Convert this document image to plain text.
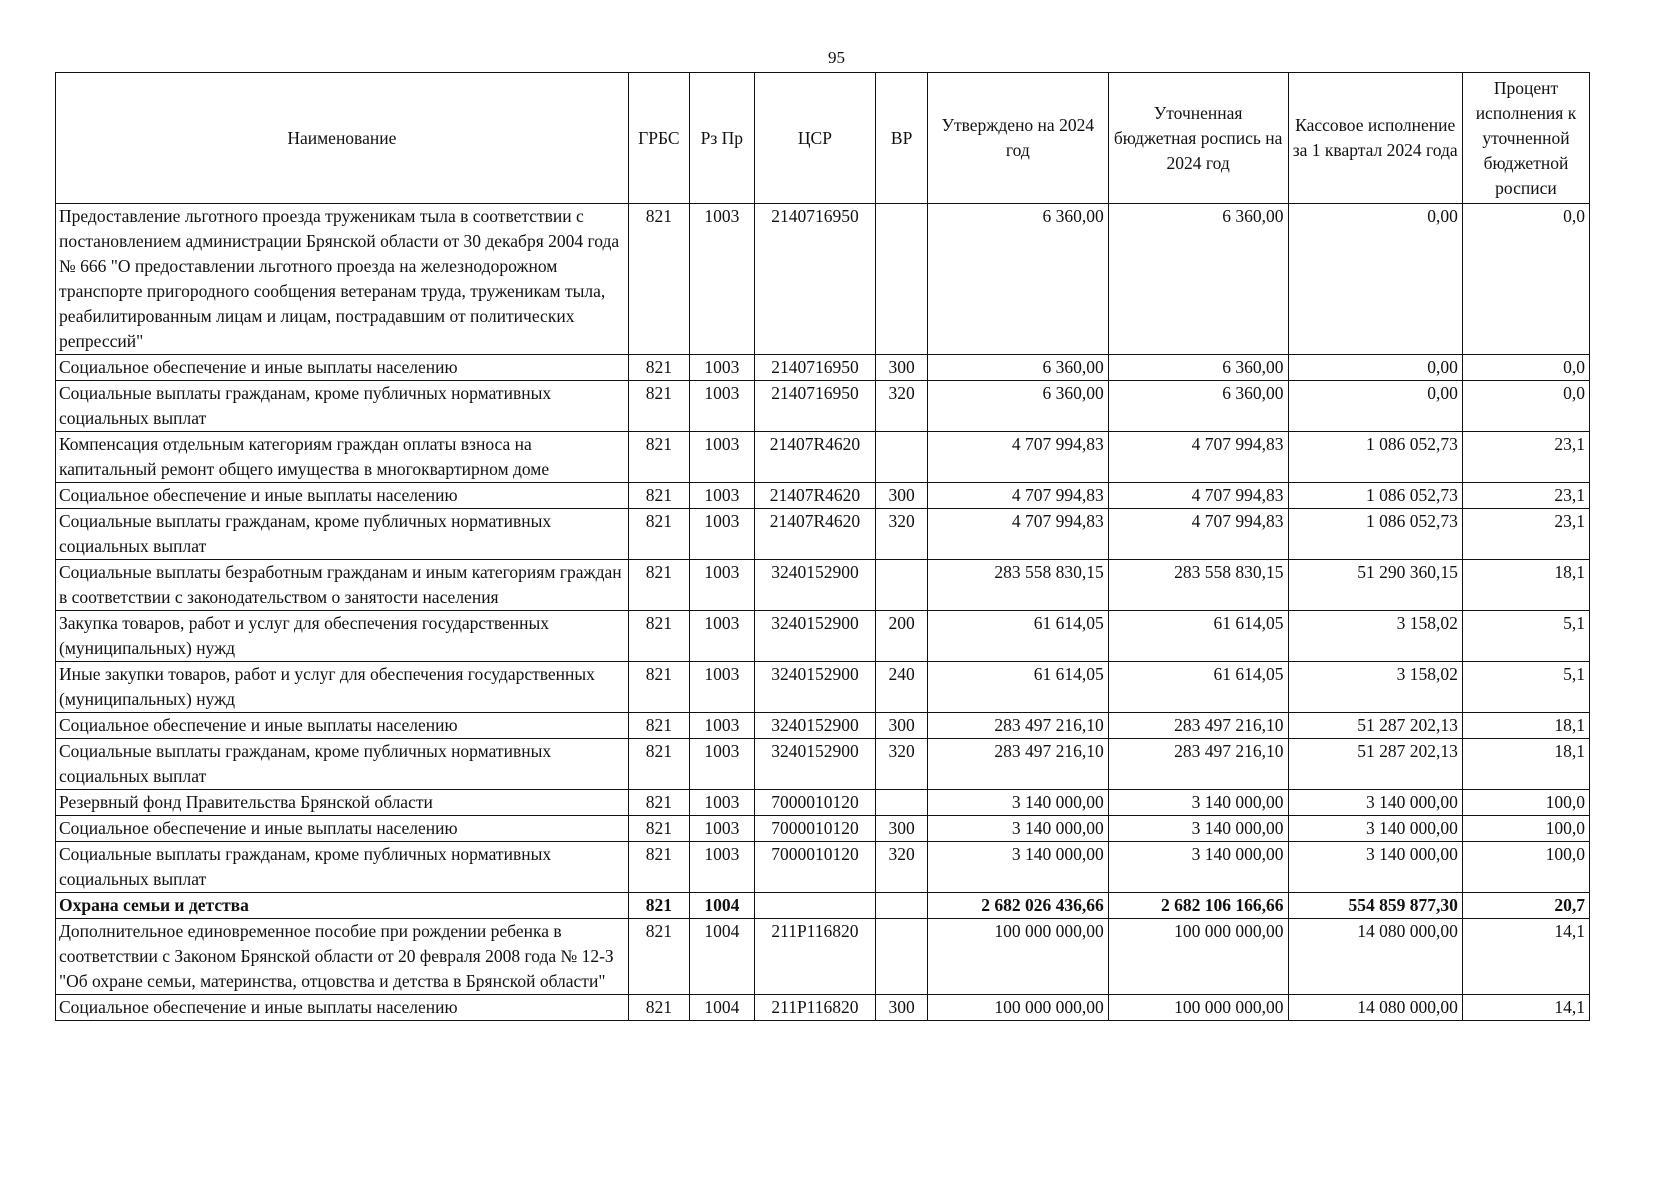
95
Наименование	ГРБС	Рз Пр	ЦСР	ВР	Утверждено на 2024 год	Уточненная бюджетная роспись на 2024 год	Кассовое исполнение за 1 квартал 2024 года	Процент исполнения к уточненной бюджетной росписи
Предоставление льготного проезда труженикам тыла в соответствии с постановлением администрации Брянской области от 30 декабря 2004 года № 666 "О предоставлении льготного проезда на железнодорожном транспорте пригородного сообщения ветеранам труда, труженикам тыла, реабилитированным лицам и лицам, пострадавшим от политических репрессий"	821	1003	2140716950		6 360,00	6 360,00	0,00	0,0
Социальное обеспечение и иные выплаты населению	821	1003	2140716950	300	6 360,00	6 360,00	0,00	0,0
Социальные выплаты гражданам, кроме публичных нормативных социальных выплат	821	1003	2140716950	320	6 360,00	6 360,00	0,00	0,0
Компенсация отдельным категориям граждан оплаты взноса на капитальный ремонт общего имущества в многоквартирном доме	821	1003	21407R4620		4 707 994,83	4 707 994,83	1 086 052,73	23,1
Социальное обеспечение и иные выплаты населению	821	1003	21407R4620	300	4 707 994,83	4 707 994,83	1 086 052,73	23,1
Социальные выплаты гражданам, кроме публичных нормативных социальных выплат	821	1003	21407R4620	320	4 707 994,83	4 707 994,83	1 086 052,73	23,1
Социальные выплаты безработным гражданам и иным категориям граждан в соответствии с законодательством о занятости населения	821	1003	3240152900		283 558 830,15	283 558 830,15	51 290 360,15	18,1
Закупка товаров, работ и услуг для обеспечения государственных (муниципальных) нужд	821	1003	3240152900	200	61 614,05	61 614,05	3 158,02	5,1
Иные закупки товаров, работ и услуг для обеспечения государственных (муниципальных) нужд	821	1003	3240152900	240	61 614,05	61 614,05	3 158,02	5,1
Социальное обеспечение и иные выплаты населению	821	1003	3240152900	300	283 497 216,10	283 497 216,10	51 287 202,13	18,1
Социальные выплаты гражданам, кроме публичных нормативных социальных выплат	821	1003	3240152900	320	283 497 216,10	283 497 216,10	51 287 202,13	18,1
Резервный фонд Правительства Брянской области	821	1003	7000010120		3 140 000,00	3 140 000,00	3 140 000,00	100,0
Социальное обеспечение и иные выплаты населению	821	1003	7000010120	300	3 140 000,00	3 140 000,00	3 140 000,00	100,0
Социальные выплаты гражданам, кроме публичных нормативных социальных выплат	821	1003	7000010120	320	3 140 000,00	3 140 000,00	3 140 000,00	100,0
Охрана семьи и детства	821	1004			2 682 026 436,66	2 682 106 166,66	554 859 877,30	20,7
Дополнительное единовременное пособие при рождении ребенка в соответствии с Законом Брянской области от 20 февраля 2008 года № 12-З "Об охране семьи, материнства, отцовства и детства в Брянской области"	821	1004	211P116820		100 000 000,00	100 000 000,00	14 080 000,00	14,1
Социальное обеспечение и иные выплаты населению	821	1004	211P116820	300	100 000 000,00	100 000 000,00	14 080 000,00	14,1
